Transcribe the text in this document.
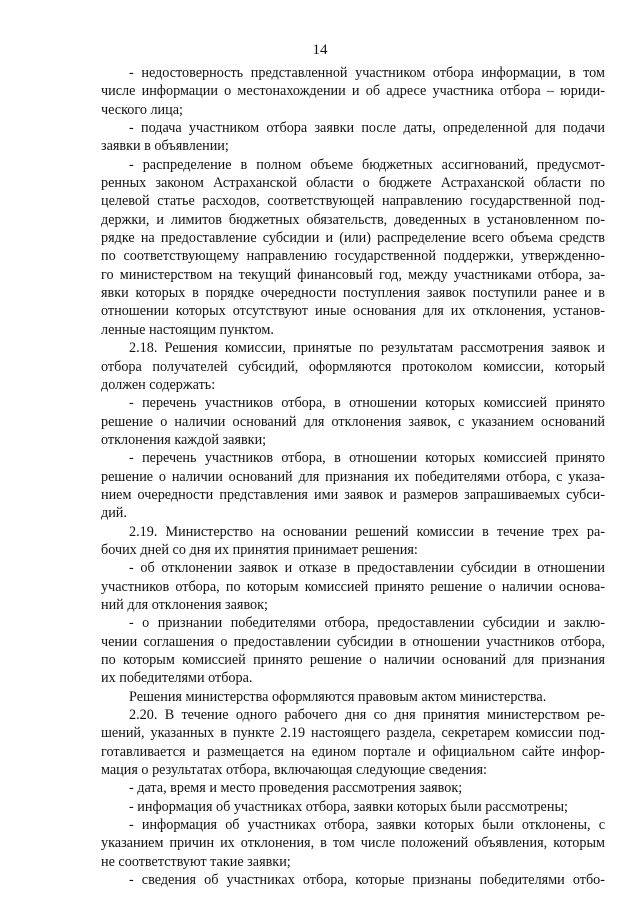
14
- недостоверность представленной участником отбора информации, в том
числе информации о местонахождении и об адресе участника отбора – юриди-
ческого лица;
- подача участником отбора заявки после даты, определенной для подачи
заявки в объявлении;
- распределение в полном объеме бюджетных ассигнований, предусмот-
ренных законом Астраханской области о бюджете Астраханской области по
целевой статье расходов, соответствующей направлению государственной под-
держки, и лимитов бюджетных обязательств, доведенных в установленном по-
рядке на предоставление субсидии и (или) распределение всего объема средств
по соответствующему направлению государственной поддержки, утвержденно-
го министерством на текущий финансовый год, между участниками отбора, за-
явки которых в порядке очередности поступления заявок поступили ранее и в
отношении которых отсутствуют иные основания для их отклонения, установ-
ленные настоящим пунктом.
2.18. Решения комиссии, принятые по результатам рассмотрения заявок и
отбора получателей субсидий, оформляются протоколом комиссии, который
должен содержать:
- перечень участников отбора, в отношении которых комиссией принято
решение о наличии оснований для отклонения заявок, с указанием оснований
отклонения каждой заявки;
- перечень участников отбора, в отношении которых комиссией принято
решение о наличии оснований для признания их победителями отбора, с указа-
нием очередности представления ими заявок и размеров запрашиваемых субси-
дий.
2.19. Министерство на основании решений комиссии в течение трех ра-
бочих дней со дня их принятия принимает решения:
- об отклонении заявок и отказе в предоставлении субсидии в отношении
участников отбора, по которым комиссией принято решение о наличии основа-
ний для отклонения заявок;
- о признании победителями отбора, предоставлении субсидии и заклю-
чении соглашения о предоставлении субсидии в отношении участников отбора,
по которым комиссией принято решение о наличии оснований для признания
их победителями отбора.
Решения министерства оформляются правовым актом министерства.
2.20. В течение одного рабочего дня со дня принятия министерством ре-
шений, указанных в пункте 2.19 настоящего раздела, секретарем комиссии под-
готавливается и размещается на едином портале и официальном сайте инфор-
мация о результатах отбора, включающая следующие сведения:
- дата, время и место проведения рассмотрения заявок;
- информация об участниках отбора, заявки которых были рассмотрены;
- информация об участниках отбора, заявки которых были отклонены, с
указанием причин их отклонения, в том числе положений объявления, которым
не соответствуют такие заявки;
- сведения об участниках отбора, которые признаны победителями отбо-
